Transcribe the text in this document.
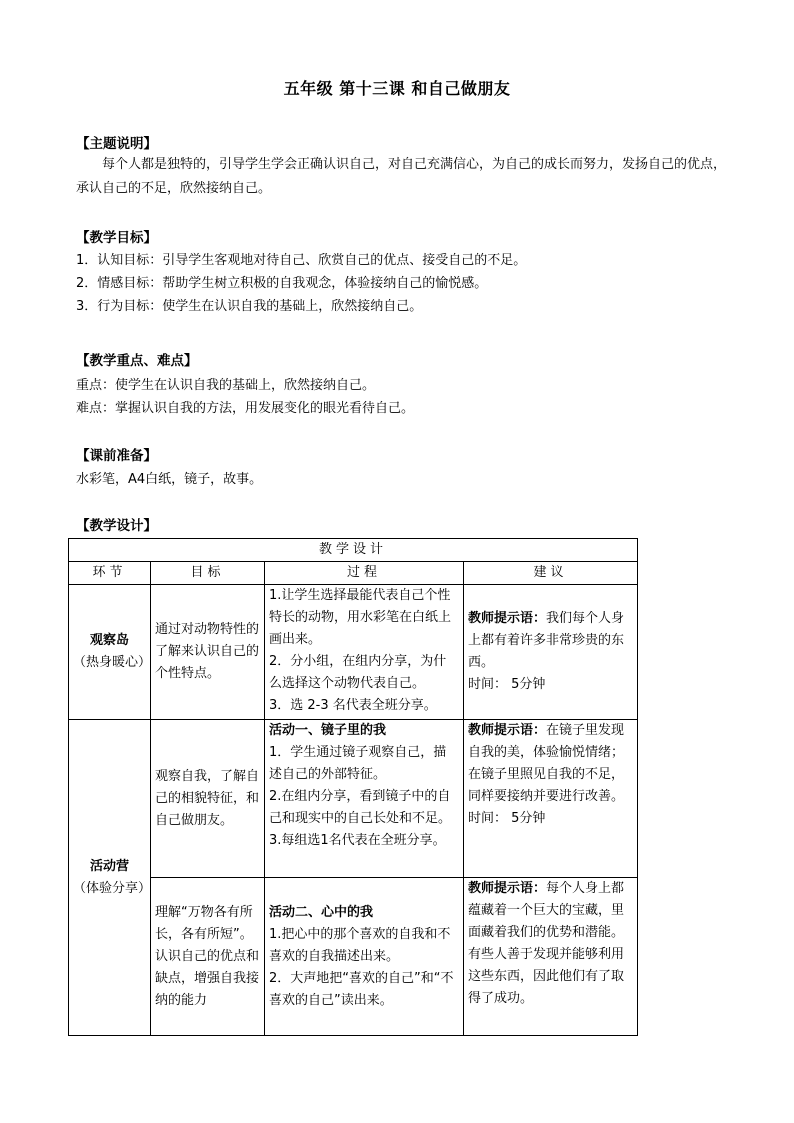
五年级 第十三课 和自己做朋友
【主题说明】
每个人都是独特的，引导学生学会正确认识自己，对自己充满信心，为自己的成长而努力，发扬自己的优点，承认自己的不足，欣然接纳自己。
【教学目标】
1．认知目标：引导学生客观地对待自己、欣赏自己的优点、接受自己的不足。
2．情感目标：帮助学生树立积极的自我观念，体验接纳自己的愉悦感。
3．行为目标：使学生在认识自我的基础上，欣然接纳自己。
【教学重点、难点】
重点：使学生在认识自我的基础上，欣然接纳自己。
难点：掌握认识自我的方法，用发展变化的眼光看待自己。
【课前准备】
水彩笔，A4白纸，镜子，故事。
【教学设计】
教学设计			
环节	目标	过程	建议

观察岛
（热身暖心）	通过对动物特性的了解来认识自己的个性特点。	1.让学生选择最能代表自己个性特长的动物，用水彩笔在白纸上画出来。
2．分小组，在组内分享，为什么选择这个动物代表自己。
3．选 2-3 名代表全班分享。	教师提示语：我们每个人身上都有着许多非常珍贵的东西。
时间： 5分钟

活动营
（体验分享）	观察自我，了解自己的相貌特征，和自己做朋友。	活动一、镜子里的我
1．学生通过镜子观察自己，描述自己的外部特征。
2.在组内分享，看到镜子中的自己和现实中的自己长处和不足。
3.每组选1名代表在全班分享。	教师提示语：在镜子里发现自我的美，体验愉悦情绪；在镜子里照见自我的不足，同样要接纳并要进行改善。
时间： 5分钟

	理解“万物各有所长，各有所短”。认识自己的优点和缺点，增强自我接纳的能力	活动二、心中的我
1.把心中的那个喜欢的自我和不喜欢的自我描述出来。
2．大声地把“喜欢的自己”和“不喜欢的自己”读出来。	教师提示语：每个人身上都蕴藏着一个巨大的宝藏，里面藏着我们的优势和潜能。
有些人善于发现并能够利用这些东西，因此他们有了取得了成功。
